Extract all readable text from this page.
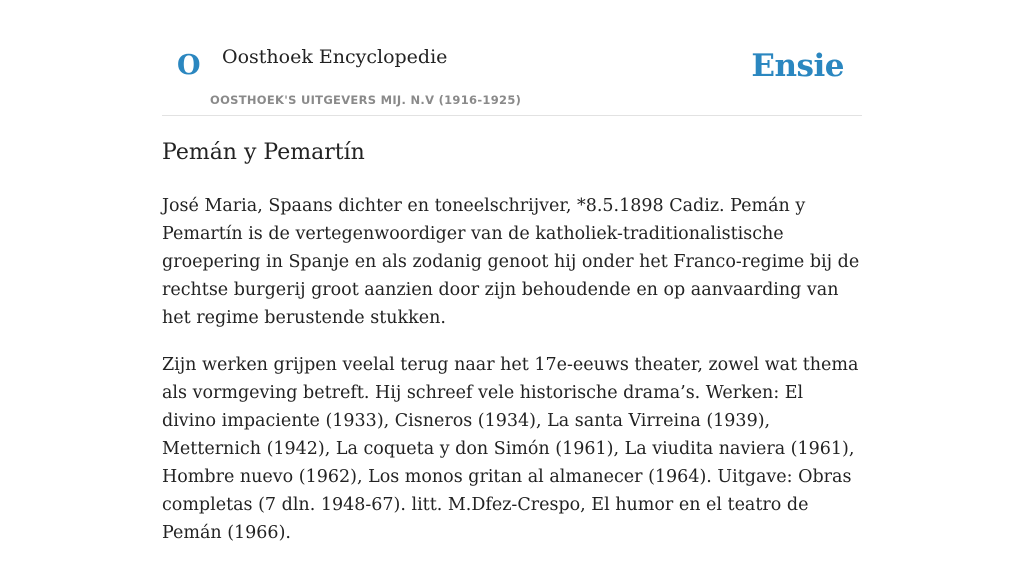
O Oosthoek Encyclopedie
OOSTHOEK'S UITGEVERS MIJ. N.V (1916-1925)
Ensie
Pemán y Pemartín

José Maria, Spaans dichter en toneelschrijver, *8.5.1898 Cadiz. Pemán y Pemartín is de vertegenwoordiger van de katholiek-traditionalistische groepering in Spanje en als zodanig genoot hij onder het Franco-regime bij de rechtse burgerij groot aanzien door zijn behoudende en op aanvaarding van het regime berustende stukken.

Zijn werken grijpen veelal terug naar het 17e-eeuws theater, zowel wat thema als vormgeving betreft. Hij schreef vele historische drama’s. Werken: El divino impaciente (1933), Cisneros (1934), La santa Virreina (1939), Metternich (1942), La coqueta y don Simón (1961), La viudita naviera (1961), Hombre nuevo (1962), Los monos gritan al almanecer (1964). Uitgave: Obras completas (7 dln. 1948-67). litt. M.Dfez-Crespo, El humor en el teatro de Pemán (1966).
